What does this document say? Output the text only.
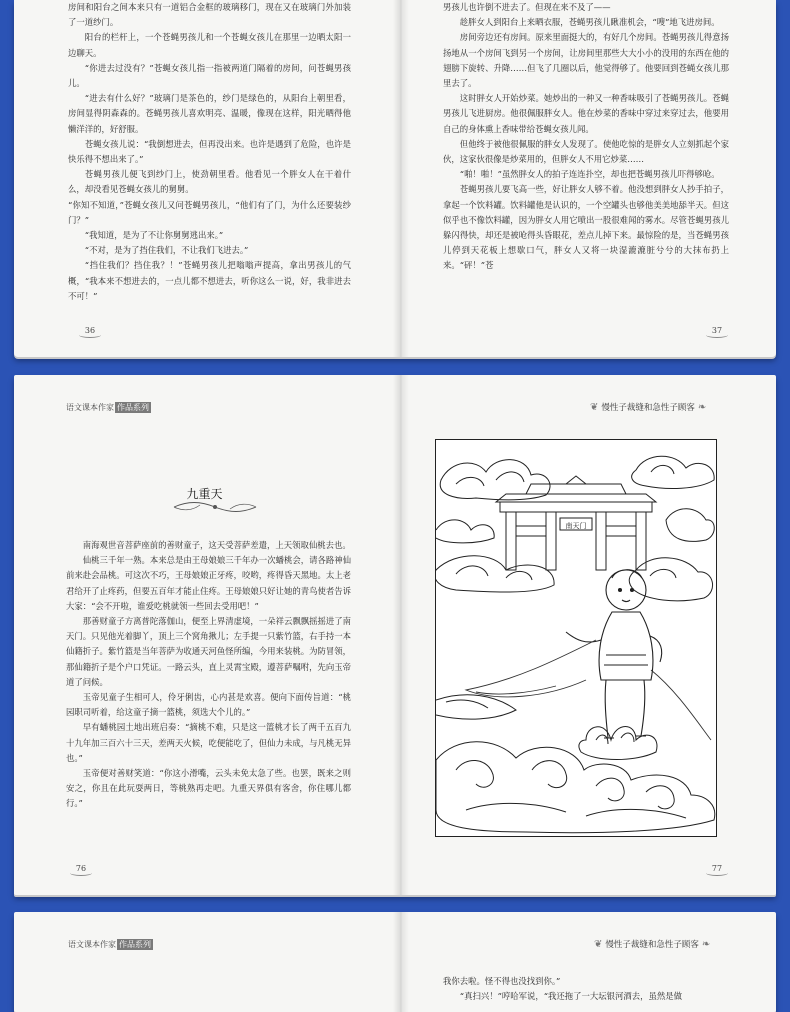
房间和阳台之间本来只有一道铝合金框的玻璃移门，现在又在玻璃门外加装了一道纱门。

阳台的栏杆上，一个苍蝇男孩儿和一个苍蝇女孩儿在那里一边晒太阳一边聊天。

“你进去过没有？”苍蝇女孩儿指一指被两道门隔着的房间，问苍蝇男孩儿。

“进去有什么好？”玻璃门是茶色的，纱门是绿色的，从阳台上朝里看，房间显得阴森森的。苍蝇男孩儿喜欢明亮、温暖，像现在这样，阳光晒得他懒洋洋的，好舒服。

苍蝇女孩儿说：“我倒想进去，但再没出来。也许是遇到了危险，也许是快乐得不想出来了。”

苍蝇男孩儿便飞到纱门上，使劲朝里看。他看见一个胖女人在干着什么，却没看见苍蝇女孩儿的舅舅。

“你知不知道，”苍蝇女孩儿又问苍蝇男孩儿，“他们有了门，为什么还要装纱门？”

“我知道，是为了不让你舅舅逃出来。”

“不对，是为了挡住我们，不让我们飞进去。”

“挡住我们？挡住我？！”苍蝇男孩儿把嗡嗡声提高，拿出男孩儿的气概，“我本来不想进去的，一点儿都不想进去，听你这么一说，好，我非进去不可！”

36

男孩儿也许倒不进去了。但现在来不及了——

趁胖女人到阳台上来晒衣服，苍蝇男孩儿瞅准机会，“嗖”地飞进房间。

房间旁边还有房间。原来里面挺大的，有好几个房间。苍蝇男孩儿得意扬扬地从一个房间飞到另一个房间，让房间里那些大大小小的没用的东西在他的翅膀下旋转、升降……但飞了几圈以后，他觉得够了。他要回到苍蝇女孩儿那里去了。

这时胖女人开始炒菜。她炒出的一种又一种香味吸引了苍蝇男孩儿。苍蝇男孩儿飞进厨房。他很佩服胖女人。他在炒菜的香味中穿过来穿过去，他要用自己的身体熏上香味带给苍蝇女孩儿闻。

但他终于被他很佩服的胖女人发现了。使他吃惊的是胖女人立刻抓起个家伙，这家伙很像是炒菜用的，但胖女人不用它炒菜……

“啪！啪！”虽然胖女人的拍子连连扑空，却也把苍蝇男孩儿吓得够呛。

苍蝇男孩儿要飞高一些，好让胖女人够不着。他没想到胖女人抄手拍子，拿起一个饮料罐。饮料罐他是认识的，一个空罐头也够他美美地舔半天。但这似乎也不像饮料罐，因为胖女人用它喷出一股很难闻的雾水。尽管苍蝇男孩儿躲闪得快，却还是被呛得头昏眼花，差点儿掉下来。最惊险的是，当苍蝇男孩儿停到天花板上想歇口气，胖女人又将一块湿漉漉脏兮兮的大抹布扔上来。“砰！”苍

37
语文课本作家 作品系列
九重天

南海观世音菩萨座前的善财童子，这天受菩萨差遣，上天领取仙桃去也。

仙桃三千年一熟。本来总是由王母娘娘三千年办一次蟠桃会，请各路神仙前来赴会品桃。可这次不巧，王母娘娘正牙疼，咬哟，疼得昏天黑地。太上老君给开了止疼药，但要五百年才能止住疼。王母娘娘只好让她的青鸟使者告诉大家：“会不开啦，谁爱吃桃就领一些回去受用吧！”

那善财童子方离普陀落伽山，便至上界清虚境，一朵祥云飘飘摇摇进了南天门。只见他光着脚丫，顶上三个窝角揪儿；左手提一只紫竹篮，右手持一本仙籍折子。紫竹篮是当年菩萨为收通天河鱼怪所编，今用来装桃。为防冒领，那仙籍折子是个户口凭证。一路云头，直上灵霄宝殿，遵菩萨嘱咐，先向玉帝道了问候。

玉帝见童子生相可人，伶牙俐齿，心内甚是欢喜。便向下面传旨道：“桃园职司听着，给这童子摘一篮桃，须选大个儿的。”

早有蟠桃园土地出班启奏：“摘桃不难，只是这一篮桃才长了两千五百九十九年加三百六十三天，差两天火候，吃便能吃了，但仙力未成，与凡桃无异也。”

玉帝便对善财笑道：“你这小滑嘴，云头未免太急了些。也罢，既来之则安之，你且在此玩耍两日，等桃熟再走吧。九重天界俱有客舍，你住哪儿都行。”

76
❦ 慢性子裁缝和急性子顾客 ❧
南天门
77
语文课本作家 作品系列	❦ 慢性子裁缝和急性子顾客 ❧

我你去啦。怪不得也没找到你。”

“真扫兴！”哼哈军说，“我还拖了一大坛银河酒去，虽然是做
